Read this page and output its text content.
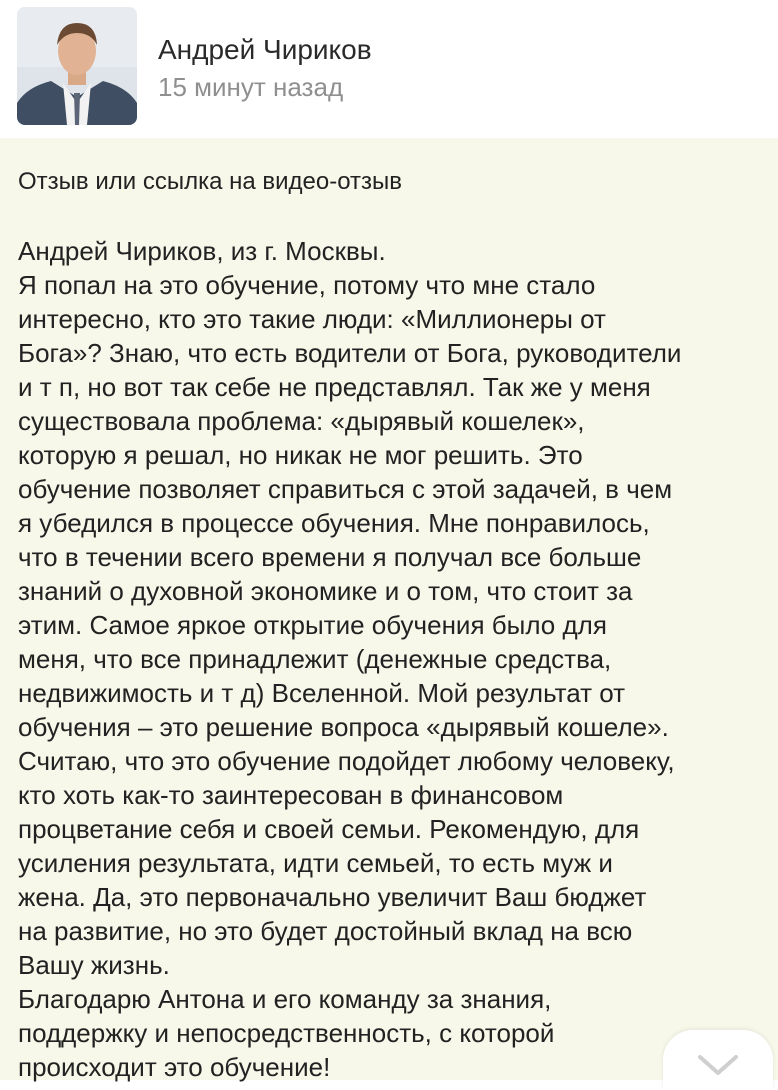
Андрей Чириков
15 минут назад
Отзыв или ссылка на видео-отзыв
Андрей Чириков, из г. Москвы.
Я попал на это обучение, потому что мне стало
интересно, кто это такие люди: «Миллионеры от
Бога»? Знаю, что есть водители от Бога, руководители
и т п, но вот так себе не представлял. Так же у меня
существовала проблема: «дырявый кошелек»,
которую я решал, но никак не мог решить. Это
обучение позволяет справиться с этой задачей, в чем
я убедился в процессе обучения. Мне понравилось,
что в течении всего времени я получал все больше
знаний о духовной экономике и о том, что стоит за
этим. Самое яркое открытие обучения было для
меня, что все принадлежит (денежные средства,
недвижимость и т д) Вселенной. Мой результат от
обучения – это решение вопроса «дырявый кошеле».
Считаю, что это обучение подойдет любому человеку,
кто хоть как-то заинтересован в финансовом
процветание себя и своей семьи. Рекомендую, для
усиления результата, идти семьей, то есть муж и
жена. Да, это первоначально увеличит Ваш бюджет
на развитие, но это будет достойный вклад на всю
Вашу жизнь.
Благодарю Антона и его команду за знания,
поддержку и непосредственность, с которой
происходит это обучение!
